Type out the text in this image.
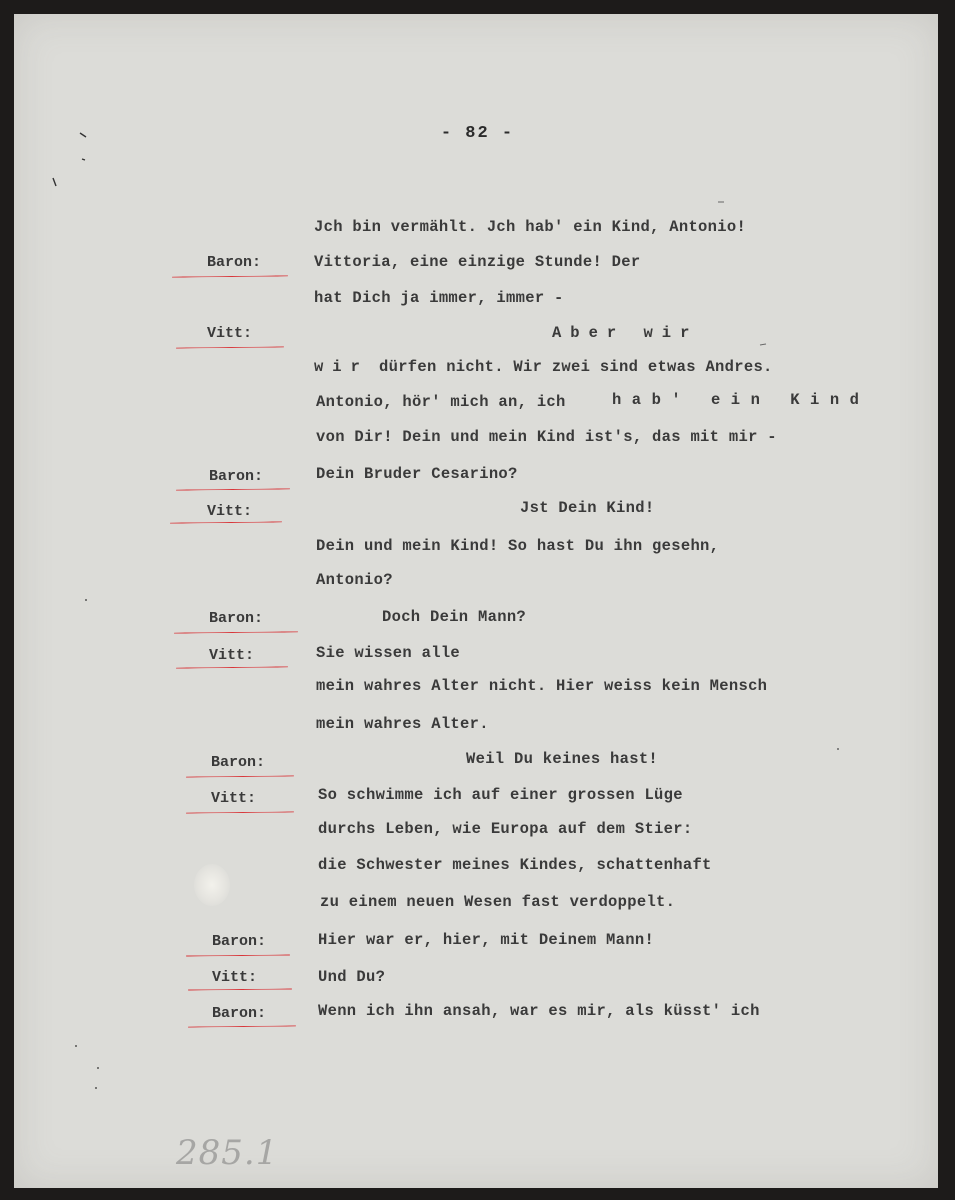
- 82 -
Baron:
Vitt:
Baron:
Vitt:
Baron:
Vitt:
Baron:
Vitt:
Baron:
Vitt:
Baron:
Jch bin vermählt. Jch hab' ein Kind, Antonio!
Vittoria, eine einzige Stunde! Der
hat Dich ja immer, immer -
Aber wir
wir dürfen nicht. Wir zwei sind etwas Andres.
Antonio, hör' mich an, ich	hab' ein Kind
von Dir! Dein und mein Kind ist's, das mit mir -
Dein Bruder Cesarino?
Jst Dein Kind!
Dein und mein Kind! So hast Du ihn gesehn,
Antonio?
Doch Dein Mann?
Sie wissen alle
mein wahres Alter nicht. Hier weiss kein Mensch
mein wahres Alter.
Weil Du keines hast!
So schwimme ich auf einer grossen Lüge
durchs Leben, wie Europa auf dem Stier:
die Schwester meines Kindes, schattenhaft
zu einem neuen Wesen fast verdoppelt.
Hier war er, hier, mit Deinem Mann!
Und Du?
Wenn ich ihn ansah, war es mir, als küsst' ich
285.1
